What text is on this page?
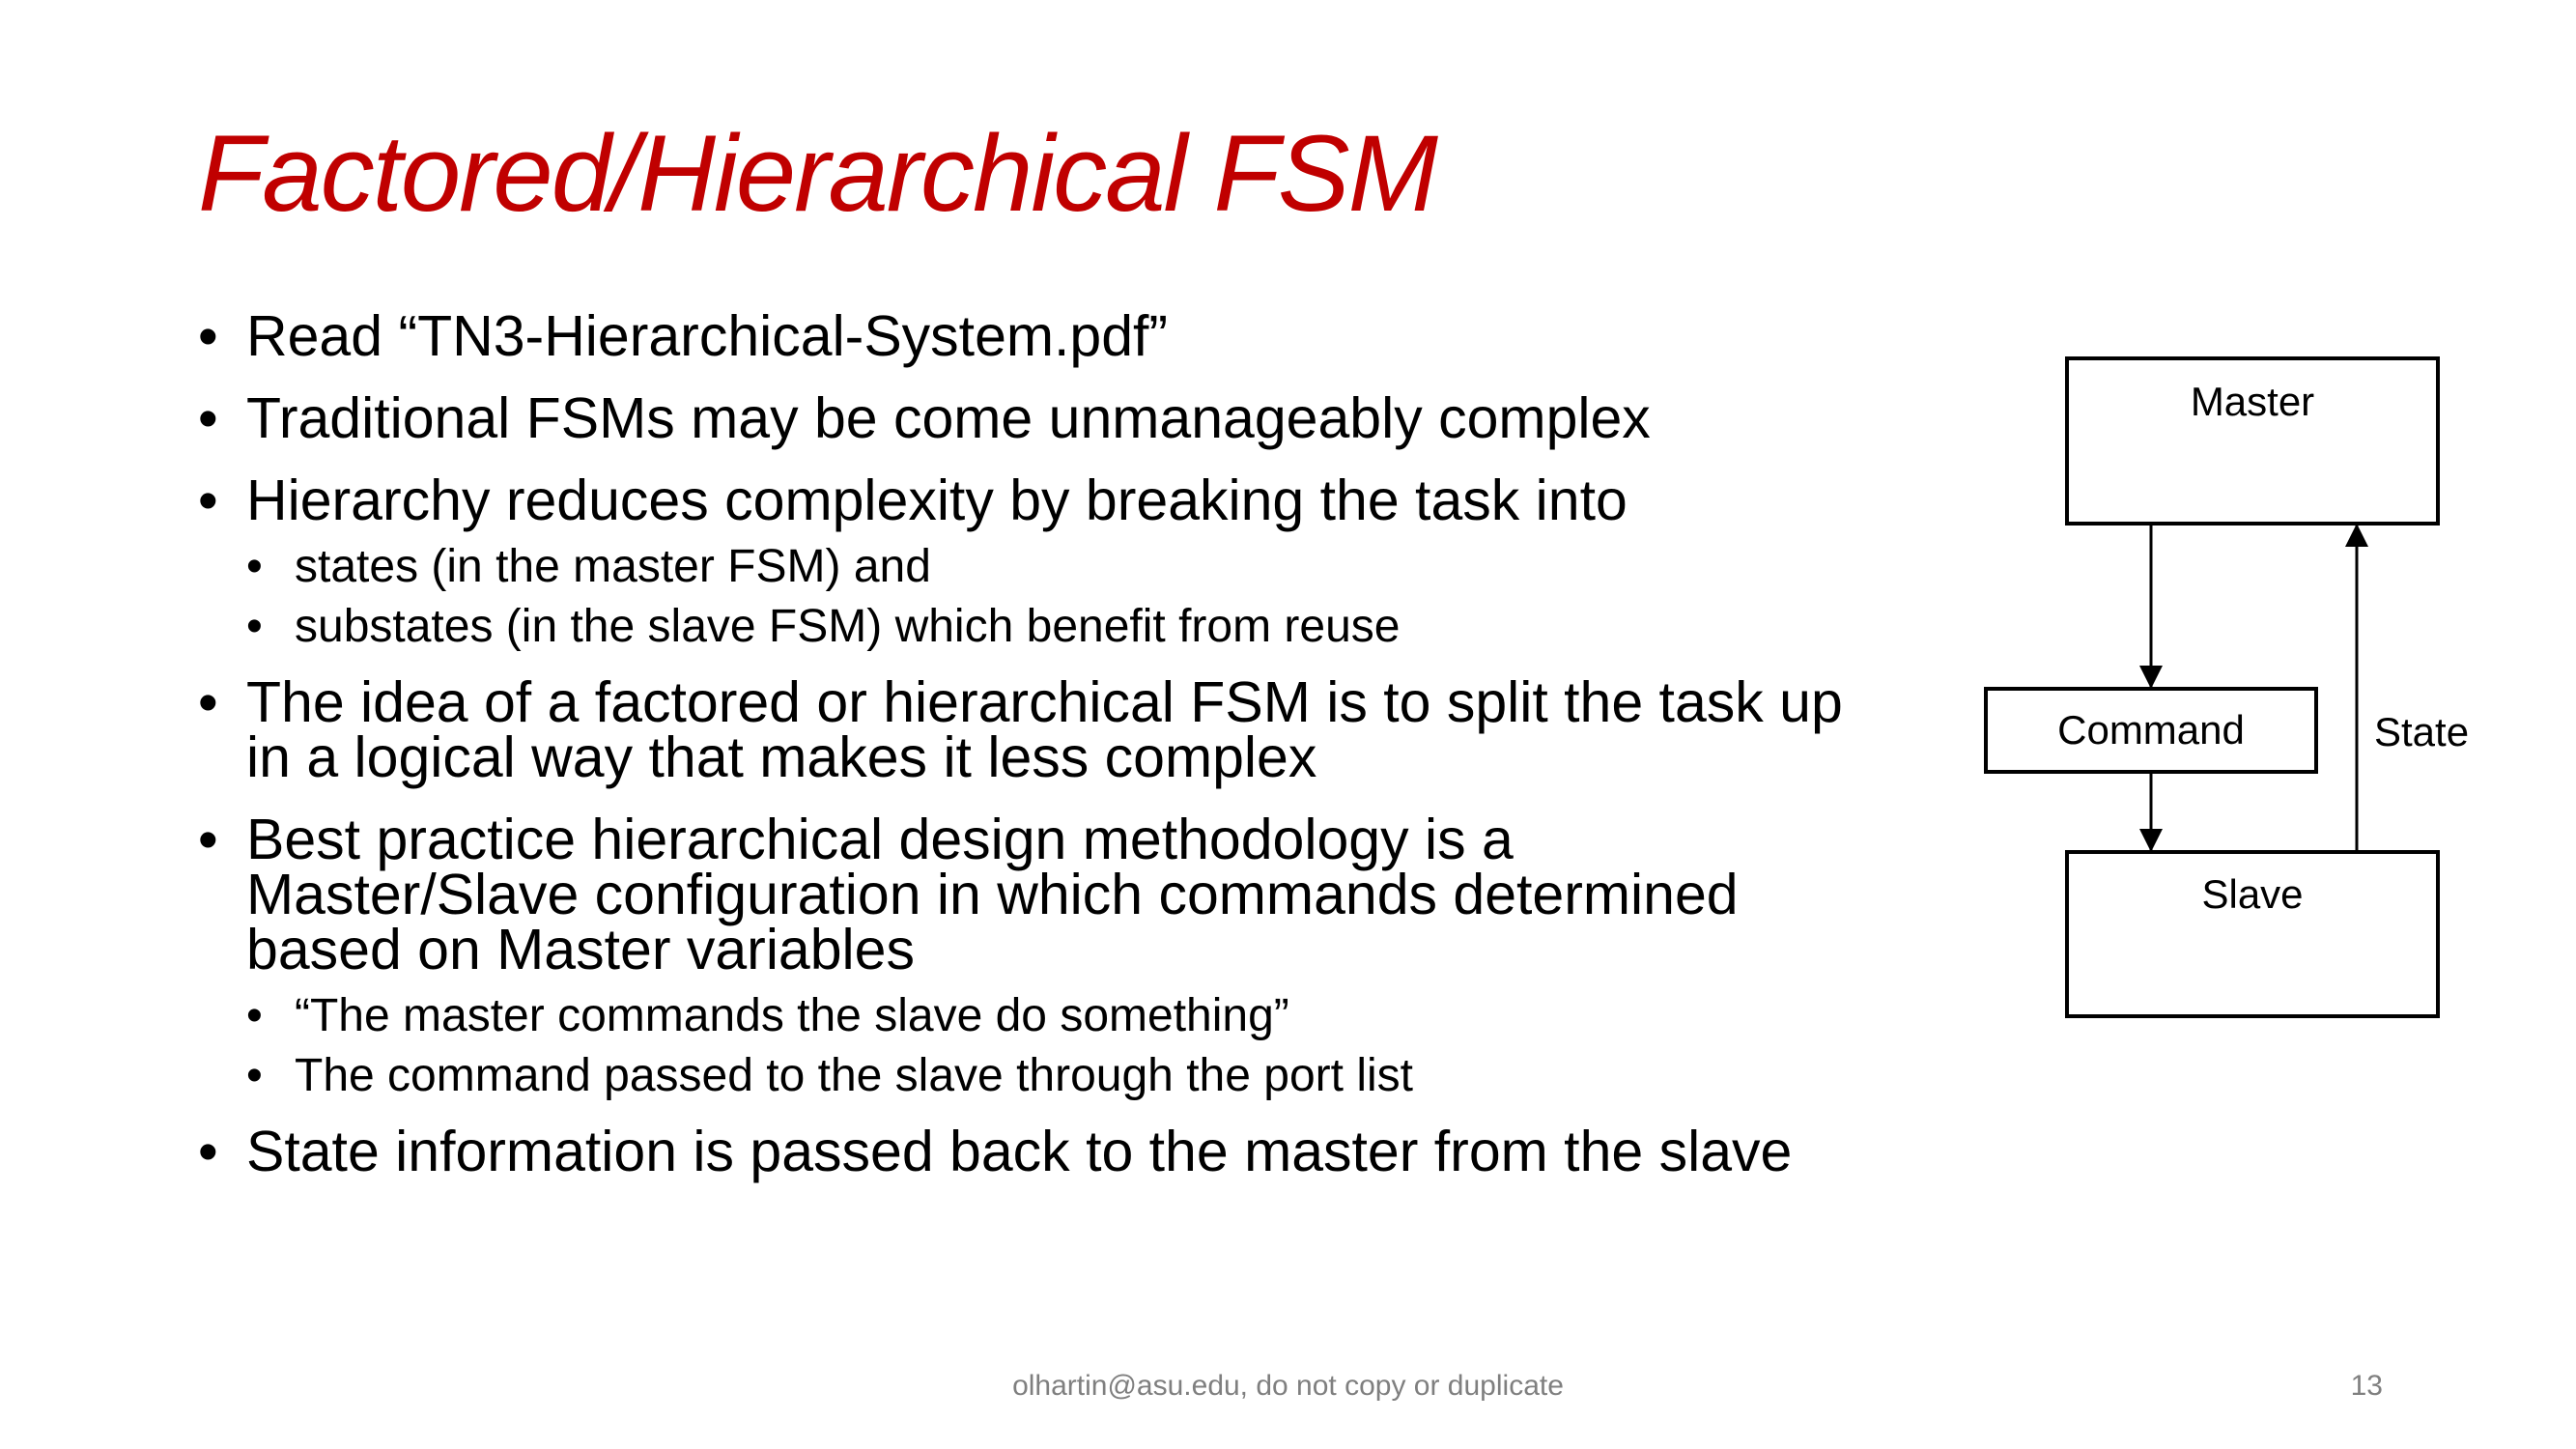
Factored/Hierarchical FSM
• Read “TN3-Hierarchical-System.pdf”
• Traditional FSMs may be come unmanageably complex
• Hierarchy reduces complexity by breaking the task into
• states (in the master FSM) and
• substates (in the slave FSM) which benefit from reuse
• The idea of a factored or hierarchical FSM is to split the task up in a logical way that makes it less complex
• Best practice hierarchical design methodology is a Master/Slave configuration in which commands determined based on Master variables
• “The master commands the slave do something”
• The command passed to the slave through the port list
• State information is passed back to the master from the slave
Master
Command
Slave
State
olhartin@asu.edu, do not copy or duplicate	13
